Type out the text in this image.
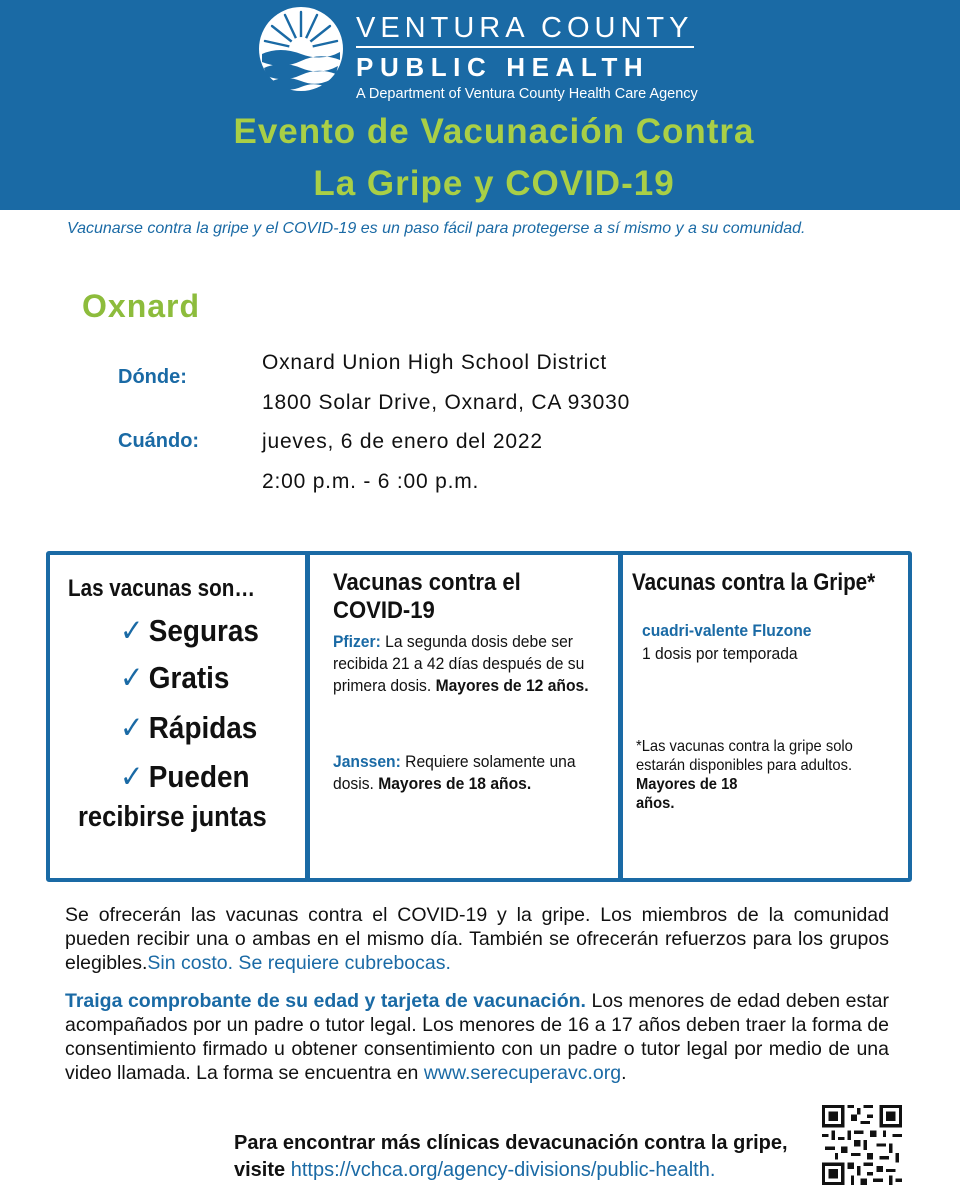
VENTURA COUNTY
PUBLIC HEALTH
A Department of Ventura County Health Care Agency
Evento de Vacunación Contra
La Gripe y COVID-19
Vacunarse contra la gripe y el COVID-19 es un paso fácil para protegerse a sí mismo y a su comunidad.
Oxnard
Dónde:
Oxnard Union High School District
1800 Solar Drive, Oxnard, CA 93030
Cuándo:	jueves, 6 de enero del 2022
2:00 p.m. - 6 :00 p.m.
Las vacunas son…
✓ Seguras
✓ Gratis
✓ Rápidas
✓ Pueden
recibirse juntas
Vacunas contra el COVID-19
Pfizer: La segunda dosis debe ser recibida 21 a 42 días después de su primera dosis. Mayores de 12 años.
Janssen: Requiere solamente una dosis. Mayores de 18 años.
Vacunas contra la Gripe*
cuadri-valente Fluzone
1 dosis por temporada
*Las vacunas contra la gripe solo estarán disponibles para adultos.
Mayores de 18
años.
Se ofrecerán las vacunas contra el COVID-19 y la gripe. Los miembros de la comunidad pueden recibir una o ambas en el mismo día. También se ofrecerán refuerzos para los grupos elegibles.Sin costo. Se requiere cubrebocas.
Traiga comprobante de su edad y tarjeta de vacunación. Los menores de edad deben estar acompañados por un padre o tutor legal. Los menores de 16 a 17 años deben traer la forma de consentimiento firmado u obtener consentimiento con un padre o tutor legal por medio de una video llamada. La forma se encuentra en www.serecuperavc.org.
Para encontrar más clínicas devacunación contra la gripe, visite https://vchca.org/agency-divisions/public-health.
